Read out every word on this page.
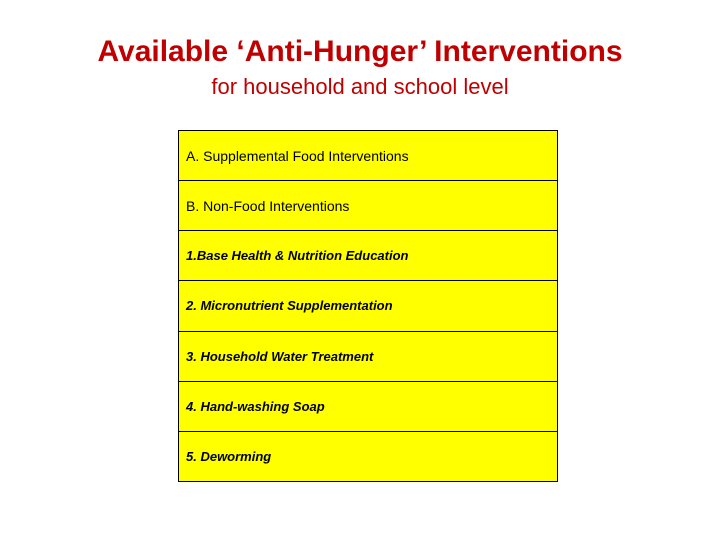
Available ‘Anti-Hunger’ Interventions
for household and school level
A. Supplemental Food Interventions
B. Non-Food Interventions
1.Base Health & Nutrition Education
2. Micronutrient Supplementation
3. Household Water Treatment
4. Hand-washing Soap
5. Deworming
